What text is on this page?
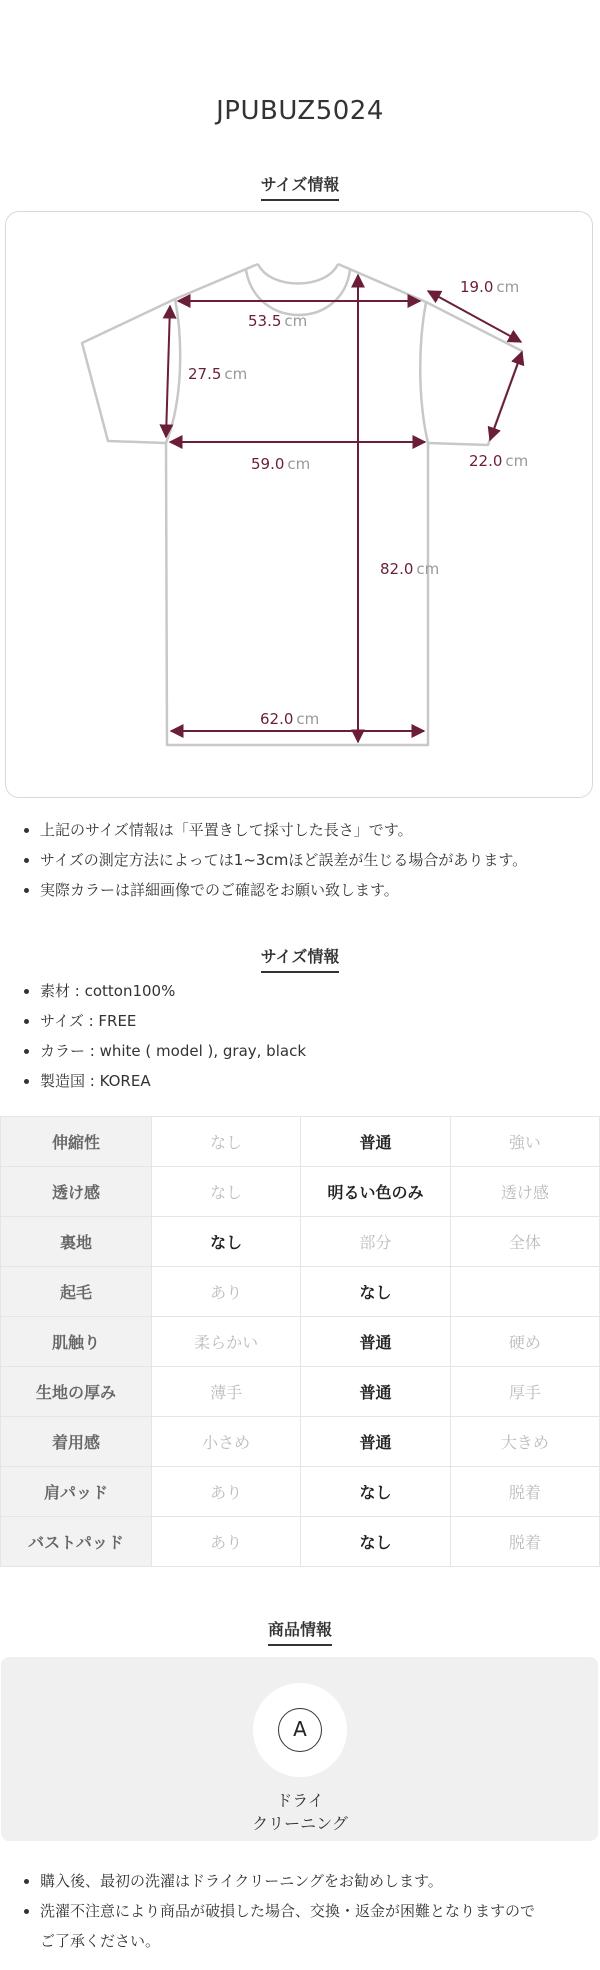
JPUBUZ5024
サイズ情報
53.5 cm
19.0 cm
27.5 cm
59.0 cm	22.0 cm
82.0 cm
62.0 cm
上記のサイズ情報は「平置きして採寸した長さ」です。
サイズの測定方法によっては1~3cmほど誤差が生じる場合があります。
実際カラーは詳細画像でのご確認をお願い致します。
サイズ情報
素材 : cotton100%
サイズ : FREE
カラー : white ( model ), gray, black
製造国 : KOREA
伸縮性	なし	普通	強い
透け感	なし	明るい色のみ	透け感
裏地	なし	部分	全体
起毛	あり	なし	
肌触り	柔らかい	普通	硬め
生地の厚み	薄手	普通	厚手
着用感	小さめ	普通	大きめ
肩パッド	あり	なし	脱着
バストパッド	あり	なし	脱着
商品情報
A
ドライ
クリーニング
購入後、最初の洗濯はドライクリーニングをお勧めします。
洗濯不注意により商品が破損した場合、交換・返金が困難となりますので
ご了承ください。
